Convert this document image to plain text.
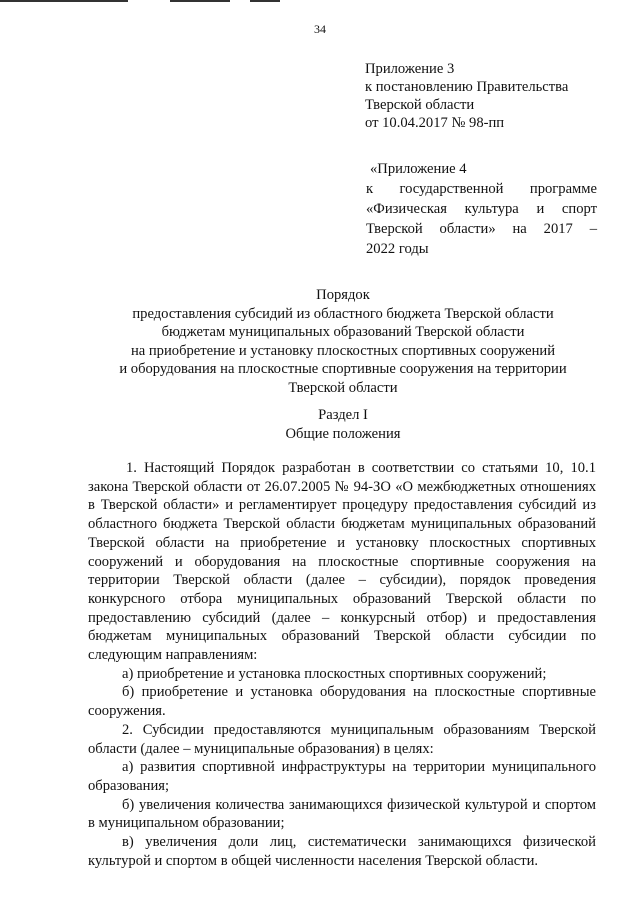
34
Приложение 3
к постановлению Правительства
Тверской области
от 10.04.2017 № 98-пп
«Приложение 4
к государственной программе
«Физическая культура и спорт
Тверской области» на 2017 –
2022 годы
Порядок
предоставления субсидий из областного бюджета Тверской области
бюджетам муниципальных образований Тверской области
на приобретение и установку плоскостных спортивных сооружений
и оборудования на плоскостные спортивные сооружения на территории
Тверской области
Раздел I
Общие положения

1. Настоящий Порядок разработан в соответствии со статьями 10, 10.1 закона Тверской области от 26.07.2005 № 94-ЗО «О межбюджетных отношениях в Тверской области» и регламентирует процедуру предоставления субсидий из областного бюджета Тверской области бюджетам муниципальных образований Тверской области на приобретение и установку плоскостных спортивных сооружений и оборудования на плоскостные спортивные сооружения на территории Тверской области (далее – субсидии), порядок проведения конкурсного отбора муниципальных образований Тверской области по предоставлению субсидий (далее – конкурсный отбор) и предоставления бюджетам муниципальных образований Тверской области субсидии по следующим направлениям:

а) приобретение и установка плоскостных спортивных сооружений;

б) приобретение и установка оборудования на плоскостные спортивные сооружения.

2. Субсидии предоставляются муниципальным образованиям Тверской области (далее – муниципальные образования) в целях:

а) развития спортивной инфраструктуры на территории муниципального образования;

б) увеличения количества занимающихся физической культурой и спортом в муниципальном образовании;

в) увеличения доли лиц, систематически занимающихся физической культурой и спортом в общей численности населения Тверской области.
